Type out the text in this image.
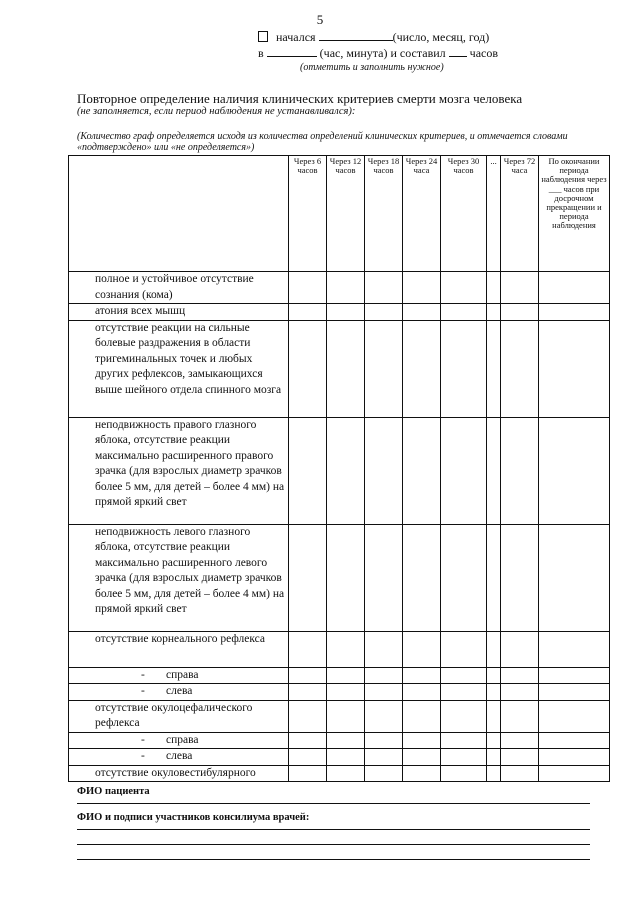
5
начался	(число, месяц, год)
в	(час, минута) и составил часов
(отметить и заполнить нужное)
Повторное определение наличия клинических критериев смерти мозга человека
(не заполняется, если период наблюдения не устанавливался):
(Количество граф определяется исходя из количества определений клинических критериев, и отмечается словами «подтверждено» или «не определяется»)
	Через 6 часов	Через 12 часов	Через 18 часов	Через 24 часа	Через 30 часов	...	Через 72 часа	По окончании периода наблюдения через ___ часов при досрочном прекращении и периода наблюдения
полное и устойчивое отсутствие сознания (кома)								
атония всех мышц								
отсутствие реакции на сильные болевые раздражения в области тригеминальных точек и любых других рефлексов, замыкающихся выше шейного отдела спинного мозга								
неподвижность правого глазного яблока, отсутствие реакции максимально расширенного правого зрачка (для взрослых диаметр зрачков более 5 мм, для детей – более 4 мм) на прямой яркий свет								
неподвижность левого глазного яблока, отсутствие реакции максимально расширенного левого зрачка (для взрослых диаметр зрачков более 5 мм, для детей – более 4 мм) на прямой яркий свет								
отсутствие корнеального рефлекса								
- справа								
- слева								
отсутствие окулоцефалического рефлекса								
- справа								
- слева								
отсутствие окуловестибулярного								
ФИО пациента
ФИО и подписи участников консилиума врачей:
